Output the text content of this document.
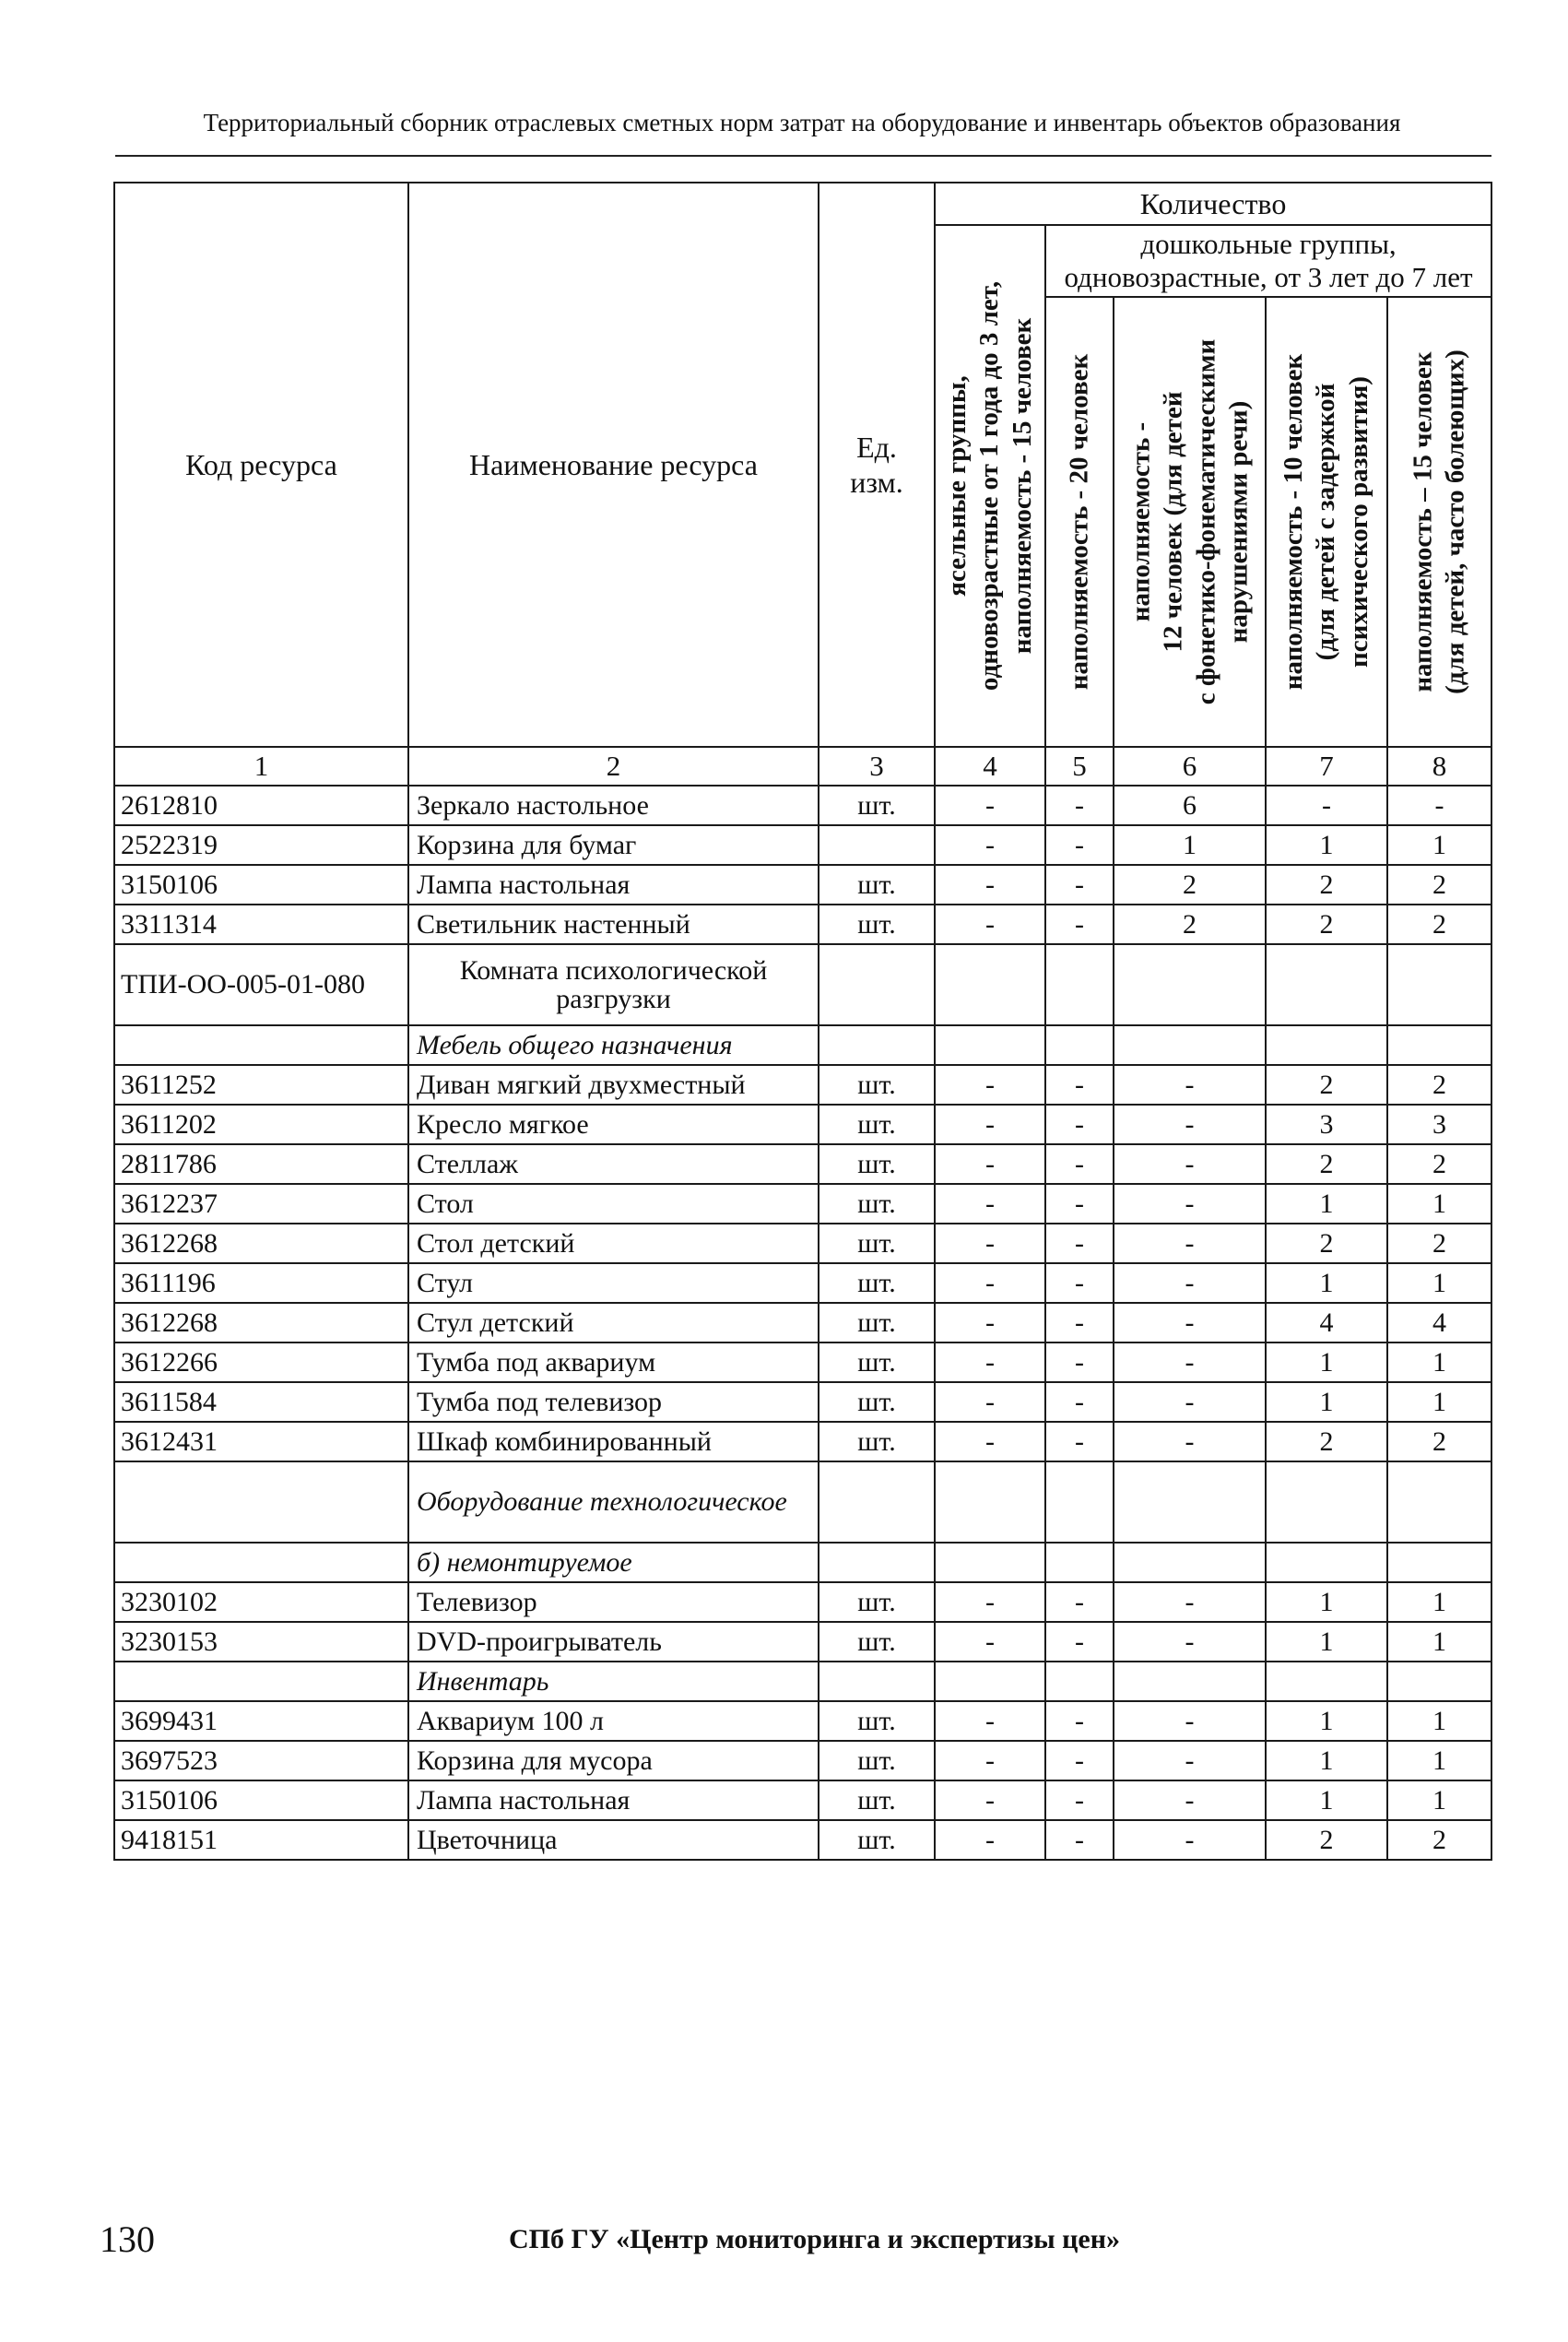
Территориальный сборник отраслевых сметных норм затрат на оборудование и инвентарь объектов образования
Код ресурса	Наименование ресурса	Ед. изм.	Количество				

			ясельные группы,
одновозрастные от 1 года до 3 лет,
наполняемость - 15 человек	дошкольные группы, одновозрастные, от 3 лет до 7 лет			

				наполняемость - 20 человек	наполняемость -
12 человек (для детей
с фонетико-фонематическими
нарушениями речи)	наполняемость - 10 человек
(для детей с задержкой
психического развития)	наполняемость – 15 человек
(для детей, часто болеющих)

1	2	3	4	5	6	7	8
2612810	Зеркало настольное	шт.	-	-	6	-	-
2522319	Корзина для бумаг		-	-	1	1	1
3150106	Лампа настольная	шт.	-	-	2	2	2
3311314	Светильник настенный	шт.	-	-	2	2	2
ТПИ-ОО-005-01-080	Комната психологической разгрузки						
	Мебель общего назначения						
3611252	Диван мягкий двухместный	шт.	-	-	-	2	2
3611202	Кресло мягкое	шт.	-	-	-	3	3
2811786	Стеллаж	шт.	-	-	-	2	2
3612237	Стол	шт.	-	-	-	1	1
3612268	Стол детский	шт.	-	-	-	2	2
3611196	Стул	шт.	-	-	-	1	1
3612268	Стул детский	шт.	-	-	-	4	4
3612266	Тумба под аквариум	шт.	-	-	-	1	1
3611584	Тумба под телевизор	шт.	-	-	-	1	1
3612431	Шкаф комбинированный	шт.	-	-	-	2	2
	Оборудование технологическое						
	б) немонтируемое						
3230102	Телевизор	шт.	-	-	-	1	1
3230153	DVD-проигрыватель	шт.	-	-	-	1	1
	Инвентарь						
3699431	Аквариум 100 л	шт.	-	-	-	1	1
3697523	Корзина для мусора	шт.	-	-	-	1	1
3150106	Лампа настольная	шт.	-	-	-	1	1
9418151	Цветочница	шт.	-	-	-	2	2
130	СПб ГУ «Центр мониторинга и экспертизы цен»
